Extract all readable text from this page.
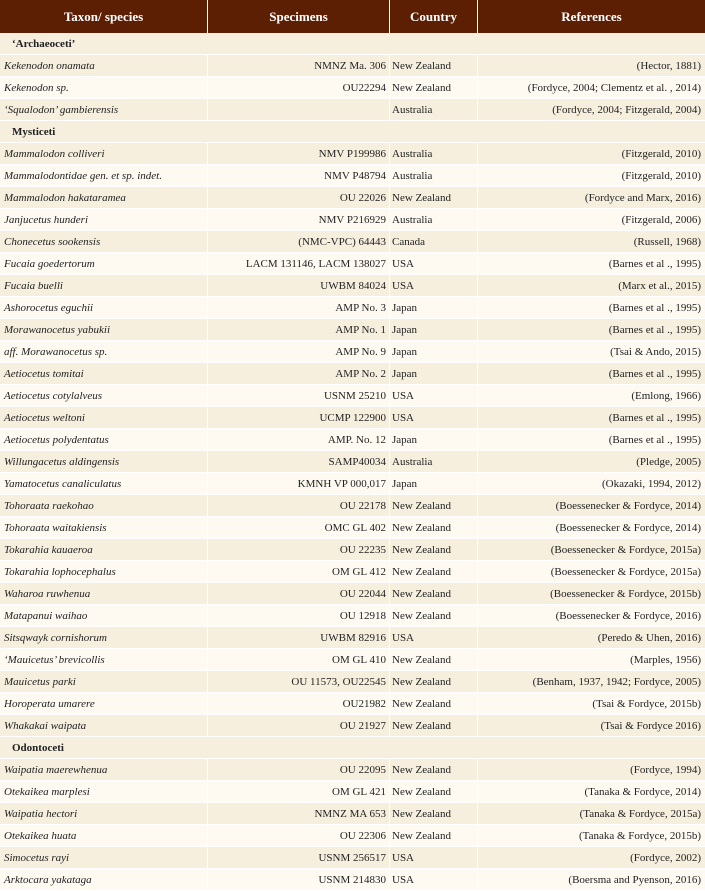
Taxon/ species	Specimens	Country	References
‘Archaeoceti’			
Kekenodon onamata	NMNZ Ma. 306	New Zealand	(Hector, 1881)
Kekenodon sp.	OU22294	New Zealand	(Fordyce, 2004; Clementz et al. , 2014)
‘Squalodon’ gambierensis		Australia	(Fordyce, 2004; Fitzgerald, 2004)
Mysticeti			
Mammalodon colliveri	NMV P199986	Australia	(Fitzgerald, 2010)
Mammalodontidae gen. et sp. indet.	NMV P48794	Australia	(Fitzgerald, 2010)
Mammalodon hakataramea	OU 22026	New Zealand	(Fordyce and Marx, 2016)
Janjucetus hunderi	NMV P216929	Australia	(Fitzgerald, 2006)
Chonecetus sookensis	(NMC-VPC) 64443	Canada	(Russell, 1968)
Fucaia goedertorum	LACM 131146, LACM 138027	USA	(Barnes et al ., 1995)
Fucaia buelli	UWBM 84024	USA	(Marx et al., 2015)
Ashorocetus eguchii	AMP No. 3	Japan	(Barnes et al ., 1995)
Morawanocetus yabukii	AMP No. 1	Japan	(Barnes et al ., 1995)
aff. Morawanocetus sp.	AMP No. 9	Japan	(Tsai & Ando, 2015)
Aetiocetus tomitai	AMP No. 2	Japan	(Barnes et al ., 1995)
Aetiocetus cotylalveus	USNM 25210	USA	(Emlong, 1966)
Aetiocetus weltoni	UCMP 122900	USA	(Barnes et al ., 1995)
Aetiocetus polydentatus	AMP. No. 12	Japan	(Barnes et al ., 1995)
Willungacetus aldingensis	SAMP40034	Australia	(Pledge, 2005)
Yamatocetus canaliculatus	KMNH VP 000,017	Japan	(Okazaki, 1994, 2012)
Tohoraata raekohao	OU 22178	New Zealand	(Boessenecker & Fordyce, 2014)
Tohoraata waitakiensis	OMC GL 402	New Zealand	(Boessenecker & Fordyce, 2014)
Tokarahia kauaeroa	OU 22235	New Zealand	(Boessenecker & Fordyce, 2015a)
Tokarahia lophocephalus	OM GL 412	New Zealand	(Boessenecker & Fordyce, 2015a)
Waharoa ruwhenua	OU 22044	New Zealand	(Boessenecker & Fordyce, 2015b)
Matapanui waihao	OU 12918	New Zealand	(Boessenecker & Fordyce, 2016)
Sitsqwayk cornishorum	UWBM 82916	USA	(Peredo & Uhen, 2016)
‘Mauicetus’ brevicollis	OM GL 410	New Zealand	(Marples, 1956)
Mauicetus parki	OU 11573, OU22545	New Zealand	(Benham, 1937, 1942; Fordyce, 2005)
Horoperata umarere	OU21982	New Zealand	(Tsai & Fordyce, 2015b)
Whakakai waipata	OU 21927	New Zealand	(Tsai & Fordyce 2016)
Odontoceti			
Waipatia maerewhenua	OU 22095	New Zealand	(Fordyce, 1994)
Otekaikea marplesi	OM GL 421	New Zealand	(Tanaka & Fordyce, 2014)
Waipatia hectori	NMNZ MA 653	New Zealand	(Tanaka & Fordyce, 2015a)
Otekaikea huata	OU 22306	New Zealand	(Tanaka & Fordyce, 2015b)
Simocetus rayi	USNM 256517	USA	(Fordyce, 2002)
Arktocara yakataga	USNM 214830	USA	(Boersma and Pyenson, 2016)
